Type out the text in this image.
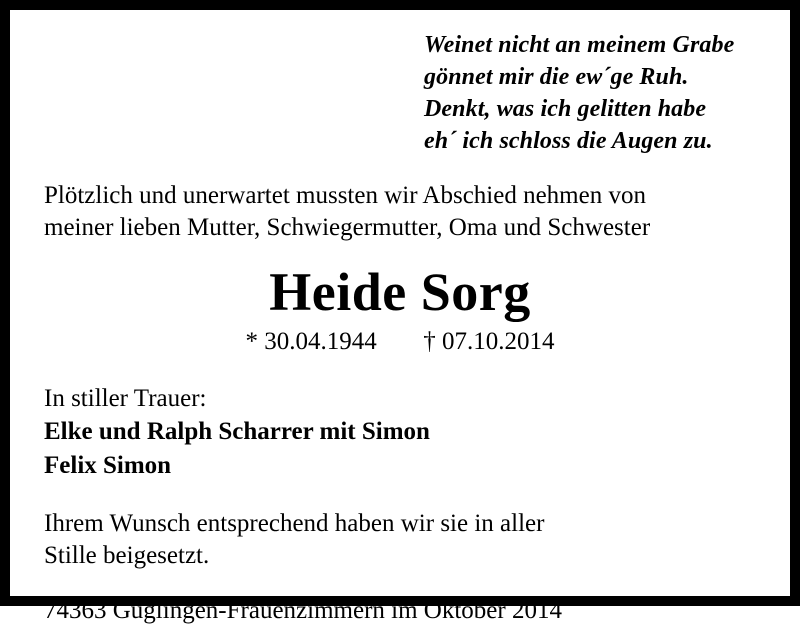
Weinet nicht an meinem Grabe
gönnet mir die ew´ge Ruh.
Denkt, was ich gelitten habe
eh´ ich schloss die Augen zu.
Plötzlich und unerwartet mussten wir Abschied nehmen von
meiner lieben Mutter, Schwiegermutter, Oma und Schwester
Heide Sorg
* 30.04.1944 † 07.10.2014
In stiller Trauer:
Elke und Ralph Scharrer mit Simon
Felix Simon
Ihrem Wunsch entsprechend haben wir sie in aller
Stille beigesetzt.
74363 Güglingen-Frauenzimmern im Oktober 2014
